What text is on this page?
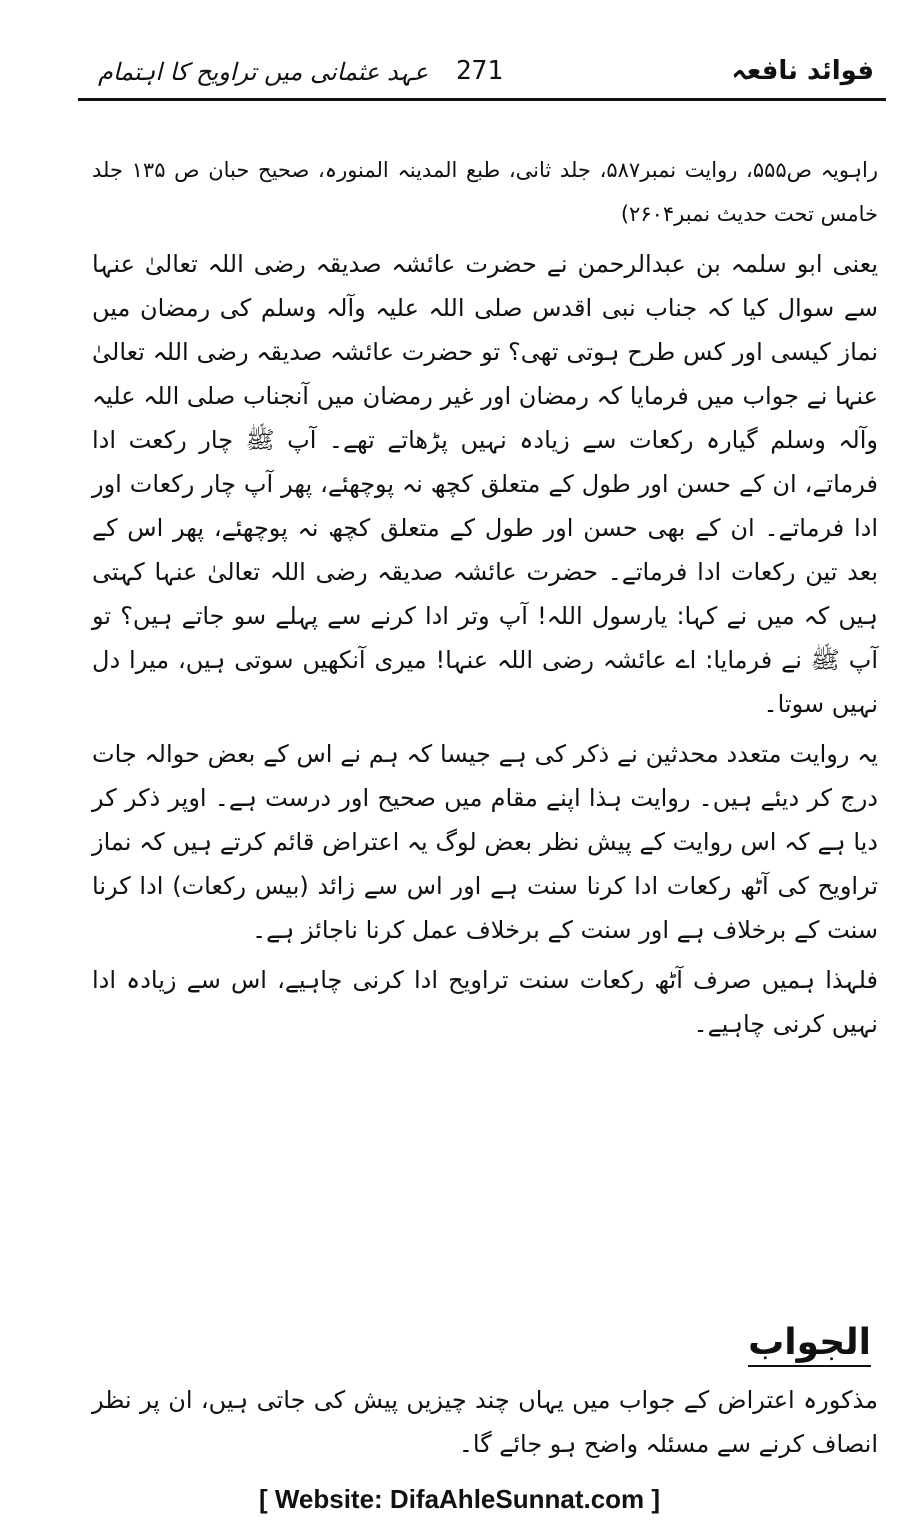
عہد عثمانی میں تراویح کا اہتمام 271	فوائد نافعہ

راہویہ ص۵۵۵، روایت نمبر۵۸۷، جلد ثانی، طبع المدینہ المنورہ، صحیح حبان ص ۱۳۵ جلد خامس تحت حدیث نمبر۲۶۰۴)

یعنی ابو سلمہ بن عبدالرحمن نے حضرت عائشہ صدیقہ رضی اللہ تعالیٰ عنہا سے سوال کیا کہ جناب نبی اقدس صلی اللہ علیہ وآلہ وسلم کی رمضان میں نماز کیسی اور کس طرح ہوتی تھی؟ تو حضرت عائشہ صدیقہ رضی اللہ تعالیٰ عنہا نے جواب میں فرمایا کہ رمضان اور غیر رمضان میں آنجناب صلی اللہ علیہ وآلہ وسلم گیارہ رکعات سے زیادہ نہیں پڑھاتے تھے۔ آپ ﷺ چار رکعت ادا فرماتے، ان کے حسن اور طول کے متعلق کچھ نہ پوچھئے، پھر آپ چار رکعات اور ادا فرماتے۔ ان کے بھی حسن اور طول کے متعلق کچھ نہ پوچھئے، پھر اس کے بعد تین رکعات ادا فرماتے۔ حضرت عائشہ صدیقہ رضی اللہ تعالیٰ عنہا کہتی ہیں کہ میں نے کہا: یارسول اللہ! آپ وتر ادا کرنے سے پہلے سو جاتے ہیں؟ تو آپ ﷺ نے فرمایا: اے عائشہ رضی اللہ عنہا! میری آنکھیں سوتی ہیں، میرا دل نہیں سوتا۔

یہ روایت متعدد محدثین نے ذکر کی ہے جیسا کہ ہم نے اس کے بعض حوالہ جات درج کر دیئے ہیں۔ روایت ہذا اپنے مقام میں صحیح اور درست ہے۔ اوپر ذکر کر دیا ہے کہ اس روایت کے پیش نظر بعض لوگ یہ اعتراض قائم کرتے ہیں کہ نماز تراویح کی آٹھ رکعات ادا کرنا سنت ہے اور اس سے زائد (بیس رکعات) ادا کرنا سنت کے برخلاف ہے اور سنت کے برخلاف عمل کرنا ناجائز ہے۔

فلہذا ہمیں صرف آٹھ رکعات سنت تراویح ادا کرنی چاہیے، اس سے زیادہ ادا نہیں کرنی چاہیے۔

الجواب

مذکورہ اعتراض کے جواب میں یہاں چند چیزیں پیش کی جاتی ہیں، ان پر نظر انصاف کرنے سے مسئلہ واضح ہو جائے گا۔

[ Website: DifaAhleSunnat.com ]
